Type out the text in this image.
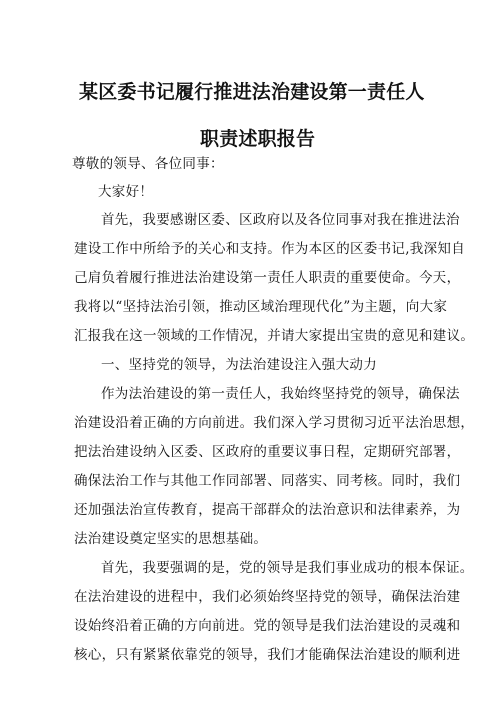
某区委书记履行推进法治建设第一责任人
职责述职报告
尊敬的领导、各位同事：
大家好！
首先，我要感谢区委、区政府以及各位同事对我在推进法治
建设工作中所给予的关心和支持。作为本区的区委书记,我深知自
己肩负着履行推进法治建设第一责任人职责的重要使命。今天，
我将以“坚持法治引领，推动区域治理现代化”为主题，向大家
汇报我在这一领域的工作情况，并请大家提出宝贵的意见和建议。
一、坚持党的领导，为法治建设注入强大动力
作为法治建设的第一责任人，我始终坚持党的领导，确保法
治建设沿着正确的方向前进。我们深入学习贯彻习近平法治思想，
把法治建设纳入区委、区政府的重要议事日程，定期研究部署，
确保法治工作与其他工作同部署、同落实、同考核。同时，我们
还加强法治宣传教育，提高干部群众的法治意识和法律素养，为
法治建设奠定坚实的思想基础。
首先，我要强调的是，党的领导是我们事业成功的根本保证。
在法治建设的进程中，我们必须始终坚持党的领导，确保法治建
设始终沿着正确的方向前进。党的领导是我们法治建设的灵魂和
核心，只有紧紧依靠党的领导，我们才能确保法治建设的顺利进
